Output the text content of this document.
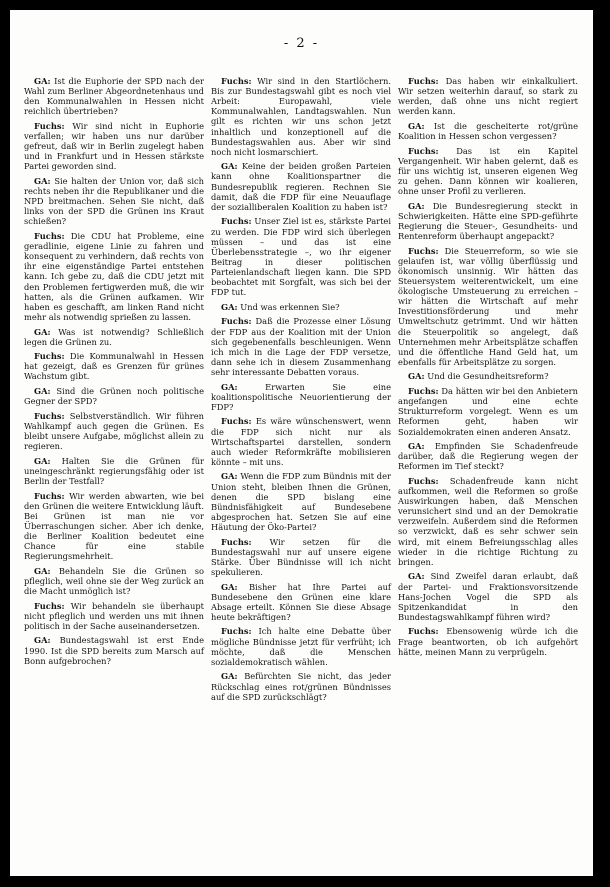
- 2 -

GA: Ist die Euphorie der SPD nach der Wahl zum Berliner Abgeordnetenhaus und den Kommunalwahlen in Hessen nicht reichlich übertrieben?

Fuchs: Wir sind nicht in Euphorie verfallen; wir haben uns nur darüber gefreut, daß wir in Berlin zugelegt haben und in Frankfurt und in Hessen stärkste Partei geworden sind.

GA: Sie halten der Union vor, daß sich rechts neben ihr die Republikaner und die NPD breitmachen. Sehen Sie nicht, daß links von der SPD die Grünen ins Kraut schießen?

Fuchs: Die CDU hat Probleme, eine geradlinie, eigene Linie zu fahren und konsequent zu verhindern, daß rechts von ihr eine eigenständige Partei entstehen kann. Ich gebe zu, daß die CDU jetzt mit den Problemen fertigwerden muß, die wir hatten, als die Grünen aufkamen. Wir haben es geschafft, am linken Rand nicht mehr als notwendig sprießen zu lassen.

GA: Was ist notwendig? Schließlich legen die Grünen zu.

Fuchs: Die Kommunalwahl in Hessen hat gezeigt, daß es Grenzen für grünes Wachstum gibt.

GA: Sind die Grünen noch politische Gegner der SPD?

Fuchs: Selbstverständlich. Wir führen Wahlkampf auch gegen die Grünen. Es bleibt unsere Aufgabe, möglichst allein zu regieren.

GA: Halten Sie die Grünen für uneingeschränkt regierungsfähig oder ist Berlin der Testfall?

Fuchs: Wir werden abwarten, wie bei den Grünen die weitere Entwicklung läuft. Bei Grünen ist man nie vor Überraschungen sicher. Aber ich denke, die Berliner Koalition bedeutet eine Chance für eine stabile Regierungsmehrheit.

GA: Behandeln Sie die Grünen so pfleglich, weil ohne sie der Weg zurück an die Macht unmöglich ist?

Fuchs: Wir behandeln sie überhaupt nicht pfleglich und werden uns mit ihnen politisch in der Sache auseinandersetzen.

GA: Bundestagswahl ist erst Ende 1990. Ist die SPD bereits zum Marsch auf Bonn aufgebrochen?

Fuchs: Wir sind in den Startlöchern. Bis zur Bundestagswahl gibt es noch viel Arbeit: Europawahl, viele Kommunalwahlen, Landtagswahlen. Nun gilt es richten wir uns schon jetzt inhaltlich und konzeptionell auf die Bundestagswahlen aus. Aber wir sind noch nicht losmarschiert.

GA: Keine der beiden großen Parteien kann ohne Koalitionspartner die Bundesrepublik regieren. Rechnen Sie damit, daß die FDP für eine Neuauflage der sozialliberalen Koalition zu haben ist?

Fuchs: Unser Ziel ist es, stärkste Partei zu werden. Die FDP wird sich überlegen müssen – und das ist eine Überlebensstrategie –, wo ihr eigener Beitrag in dieser politischen Parteienlandschaft liegen kann. Die SPD beobachtet mit Sorgfalt, was sich bei der FDP tut.

GA: Und was erkennen Sie?

Fuchs: Daß die Prozesse einer Lösung der FDP aus der Koalition mit der Union sich gegebenenfalls beschleunigen. Wenn ich mich in die Lage der FDP versetze, dann sehe ich in diesem Zusammenhang sehr interessante Debatten voraus.

GA:	Erwarten Sie eine koalitionspolitische Neuorientierung der FDP?

Fuchs: Es wäre wünschenswert, wenn die FDP sich nicht nur als Wirtschaftspartei darstellen, sondern auch wieder Reformkräfte mobilisieren könnte – mit uns.

GA: Wenn die FDP zum Bündnis mit der Union steht, bleiben Ihnen die Grünen, denen die SPD bislang eine Bündnisfähigkeit auf Bundesebene abgesprochen hat. Setzen Sie auf eine Häutung der Öko-Partei?

Fuchs: Wir setzen für die Bundestagswahl nur auf unsere eigene Stärke. Über Bündnisse will ich nicht spekulieren.

GA: Bisher hat Ihre Partei auf Bundesebene den Grünen eine klare Absage erteilt. Können Sie diese Absage heute bekräftigen?

Fuchs: Ich halte eine Debatte über mögliche Bündnisse jetzt für verfrüht; ich möchte, daß die Menschen sozialdemokratisch wählen.

GA: Befürchten Sie nicht, das jeder Rückschlag eines rot/grünen Bündnisses auf die SPD zurückschlägt?

Fuchs: Das haben wir einkalkuliert. Wir setzen weiterhin darauf, so stark zu werden, daß ohne uns nicht regiert werden kann.

GA: Ist die gescheiterte rot/grüne Koalition in Hessen schon vergessen?

Fuchs: Das ist ein Kapitel Vergangenheit. Wir haben gelernt, daß es für uns wichtig ist, unseren eigenen Weg zu gehen. Dann können wir koalieren, ohne unser Profil zu verlieren.

GA: Die Bundesregierung steckt in Schwierigkeiten. Hätte eine SPD-geführte Regierung die Steuer-, Gesundheits- und Rentenreform überhaupt angepackt?

Fuchs: Die Steuerreform, so wie sie gelaufen ist, war völlig überflüssig und ökonomisch unsinnig. Wir hätten das Steuersystem weiterentwickelt, um eine ökologische Umsteuerung zu erreichen – wir hätten die Wirtschaft auf mehr Investitionsförderung und mehr Umweltschutz getrimmt. Und wir hätten die Steuerpolitik so angelegt, daß Unternehmen mehr Arbeitsplätze schaffen und die öffentliche Hand Geld hat, um ebenfalls für Arbeitsplätze zu sorgen.

GA: Und die Gesundheitsreform?

Fuchs: Da hätten wir bei den Anbietern angefangen und eine echte Strukturreform vorgelegt. Wenn es um Reformen geht, haben wir Sozialdemokraten einen anderen Ansatz.

GA: Empfinden Sie Schadenfreude darüber, daß die Regierung wegen der Reformen im Tief steckt?

Fuchs: Schadenfreude kann nicht aufkommen, weil die Reformen so große Auswirkungen haben, daß Menschen verunsichert sind und an der Demokratie verzweifeln. Außerdem sind die Reformen so verzwickt, daß es sehr schwer sein wird, mit einem Befreiungsschlag alles wieder in die richtige Richtung zu bringen.

GA: Sind Zweifel daran erlaubt, daß der Partei- und Fraktionsvorsitzende Hans-Jochen Vogel die SPD als Spitzenkandidat in den Bundestagswahlkampf führen wird?

Fuchs: Ebensowenig würde ich die Frage beantworten, ob ich aufgehört hätte, meinen Mann zu verprügeln.
